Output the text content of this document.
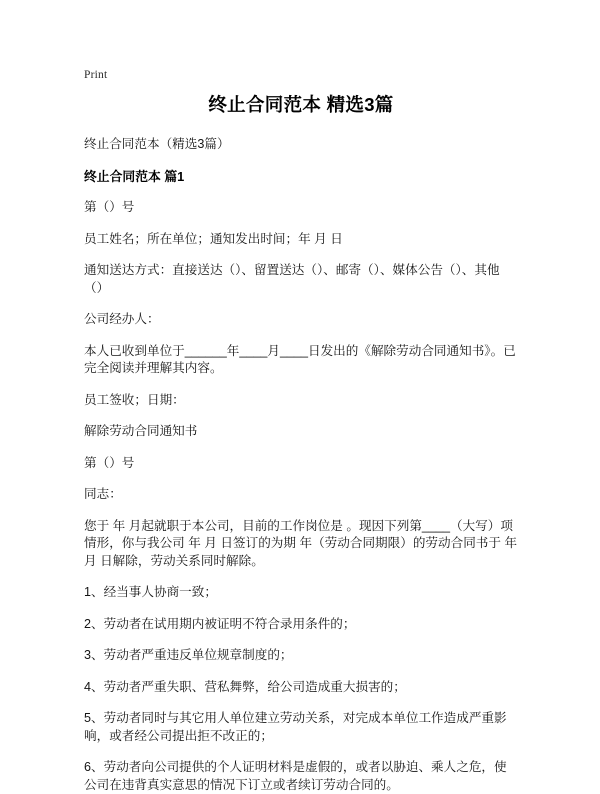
Print
终止合同范本 精选3篇
终止合同范本（精选3篇）
终止合同范本 篇1

第（）号

员工姓名；所在单位；通知发出时间；年 月 日

通知送达方式：直接送达（）、留置送达（）、邮寄（）、媒体公告（）、其他（）

公司经办人：

本人已收到单位于______年____月____日发出的《解除劳动合同通知书》。已完全阅读并理解其内容。

员工签收；日期：

解除劳动合同通知书

第（）号

同志：

您于 年 月起就职于本公司，目前的工作岗位是 。现因下列第____（大写）项情形，你与我公司 年 月 日签订的为期 年（劳动合同期限）的劳动合同书于 年 月 日解除，劳动关系同时解除。

1、经当事人协商一致；

2、劳动者在试用期内被证明不符合录用条件的；

3、劳动者严重违反单位规章制度的；

4、劳动者严重失职、营私舞弊，给公司造成重大损害的；

5、劳动者同时与其它用人单位建立劳动关系，对完成本单位工作造成严重影响，或者经公司提出拒不改正的；

6、劳动者向公司提供的个人证明材料是虚假的，或者以胁迫、乘人之危，使公司在违背真实意思的情况下订立或者续订劳动合同的。
